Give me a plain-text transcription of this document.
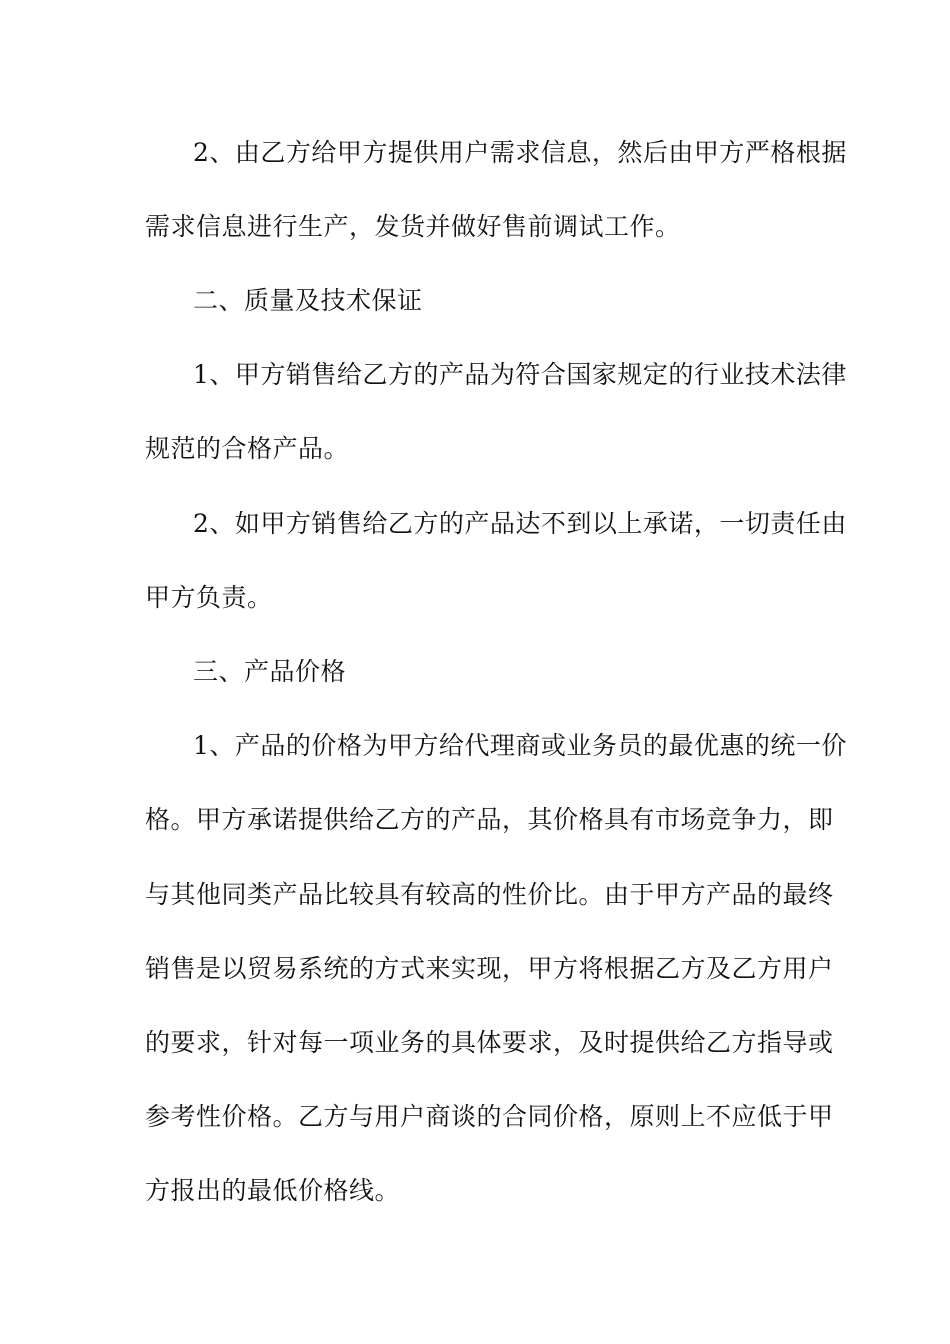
2、由乙方给甲方提供用户需求信息，然后由甲方严格根据
需求信息进行生产，发货并做好售前调试工作。
二、质量及技术保证
1、甲方销售给乙方的产品为符合国家规定的行业技术法律
规范的合格产品。
2、如甲方销售给乙方的产品达不到以上承诺，一切责任由
甲方负责。
三、产品价格
1、产品的价格为甲方给代理商或业务员的最优惠的统一价
格。甲方承诺提供给乙方的产品，其价格具有市场竞争力，即
与其他同类产品比较具有较高的性价比。由于甲方产品的最终
销售是以贸易系统的方式来实现，甲方将根据乙方及乙方用户
的要求，针对每一项业务的具体要求，及时提供给乙方指导或
参考性价格。乙方与用户商谈的合同价格，原则上不应低于甲
方报出的最低价格线。
